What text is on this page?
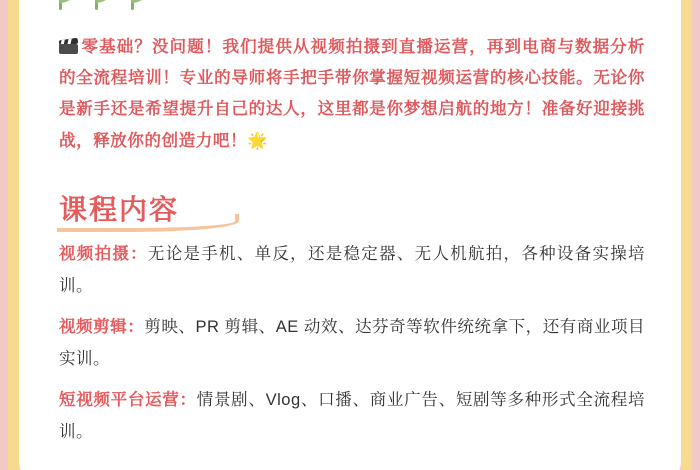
零基础？没问题！我们提供从视频拍摄到直播运营，再到电商与数据分析的全流程培训！专业的导师将手把手带你掌握短视频运营的核心技能。无论你是新手还是希望提升自己的达人，这里都是你梦想启航的地方！准备好迎接挑战，释放你的创造力吧！🌟
课程内容
视频拍摄：无论是手机、单反，还是稳定器、无人机航拍，各种设备实操培训。
视频剪辑：剪映、PR 剪辑、AE 动效、达芬奇等软件统统拿下，还有商业项目实训。
短视频平台运营：情景剧、Vlog、口播、商业广告、短剧等多种形式全流程培训。
